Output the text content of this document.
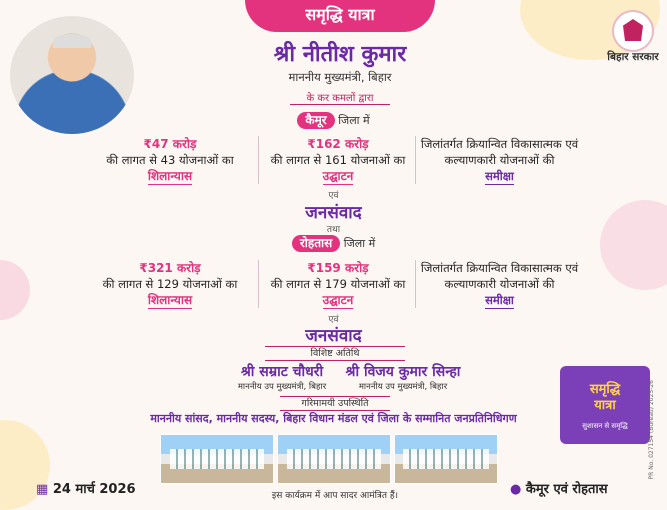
समृद्धि यात्रा
श्री नीतीश कुमार
माननीय मुख्यमंत्री, बिहार
के कर कमलों द्वारा
बिहार सरकार
कैमूर जिला में
₹47 करोड़
की लागत से 43 योजनाओं का
शिलान्यास
₹162 करोड़
की लागत से 161 योजनाओं का
उद्घाटन
जिलांतर्गत क्रियान्वित विकासात्मक एवं कल्याणकारी योजनाओं की
समीक्षा
एवं
जनसंवाद
तथा
रोहतास जिला में
₹321 करोड़
की लागत से 129 योजनाओं का
शिलान्यास
₹159 करोड़
की लागत से 179 योजनाओं का
उद्घाटन
जिलांतर्गत क्रियान्वित विकासात्मक एवं कल्याणकारी योजनाओं की
समीक्षा
एवं
जनसंवाद
विशिष्ट अतिथि
श्री सम्राट चौधरी
माननीय उप मुख्यमंत्री, बिहार
श्री विजय कुमार सिन्हा
माननीय उप मुख्यमंत्री, बिहार
गरिमामयी उपस्थिति
माननीय सांसद, माननीय सदस्य, बिहार विधान मंडल एवं जिला के सम्मानित जनप्रतिनिधिगण
समृद्धि
यात्रा
सुशासन से समृद्धि	PR No. 027154 (Bureau) 2025-26
▦ 24 मार्च 2026	इस कार्यक्रम में आप सादर आमंत्रित हैं।	● कैमूर एवं रोहतास
